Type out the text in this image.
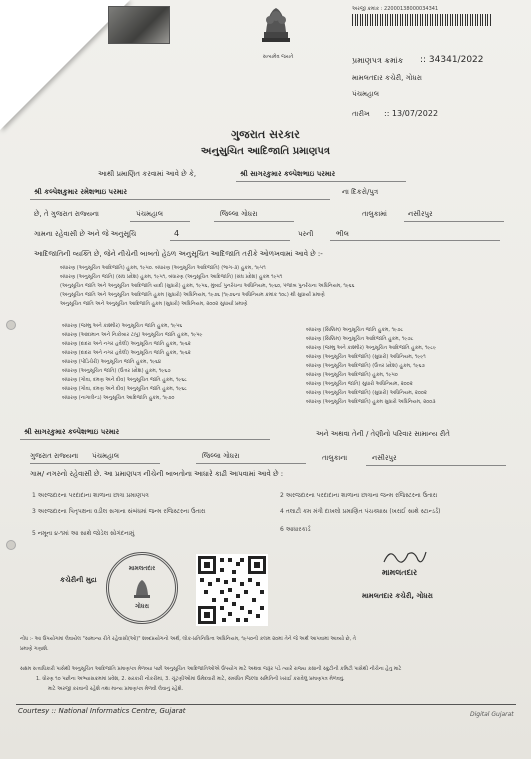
સત્યમેવ જયતે
અરજી ક્રમાંક : 22000138000034341
પ્રમાણપત્ર ક્રમાંક :: 34341/2022
મામલતદાર કચેરી, ગોધરા
પંચમહાલ
તારીખ :: 13/07/2022
ગુજરાત સરકાર
અનુસુચિત આદિજાતિ પ્રમાણપત્ર
આથી પ્રમાણિત કરવામાં આવે છે કે,	શ્રી સાગરકુમાર કલ્પેશભાઇ પરમાર
શ્રી કલ્પેશકુમાર રમેશભાઇ પરમાર	ના દિકરો/પુત્ર
છે, તે ગુજરાત રાજ્યના	પંચમહાલ	જિલ્લા ગોધરા	તાલુકામાં	નસીરપુર
ગામના રહેવાસી છે અને જે અનુસૂચિ	4	પરની	ભીલ
આદિજાતિની વ્યક્તિ છે, જેને નીચેની બાબતો હેઠળ અનુસૂચિત આદિજાતિ તરીકે ઓળખવામાં આવે છે :-
બંધારણ (અનુસૂચિત આદિજાતિ) હુકમ, ૧૯૫૦. બંધારણ (અનુસૂચિત આદિજાતિ) (ભાગ-૩) હુકમ, ૧૯૫૧
બંધારણ (અનુસૂચિત જાતિ) (સંઘ પ્રદેશ) હુકમ, ૧૯૫૧, બંધારણ (અનુસૂચિત આદિજાતિ) (સંઘ પ્રદેશ) હુકમ ૧૯૫૧
(અનુસૂચિત જાતિ અને અનુસૂચિત આદિજાતિ યાદી (સુધારો) હુકમ, ૧૯૫૬, મુંબઈ પુનર્રચના અધિનિયમ, ૧૯૬૦, પંજાબ પુનર્રચના અધિનિયમ, ૧૯૬૬
(અનુસૂચિત જાતિ અને અનુસૂચિત આદિજાતિ હુકમ (સુધારો) અધિનિયમ, ૧૯૭૬ (૧૯૭૬ના અધિનિયમ ક્રમાંક ૧૦૮) થી સુધાર્યા પ્રમાણે
અનુસૂચિત જાતિ અને અનુસૂચિત આદિજાતિ હુકમ (સુધારો) અધિનિયમ, ૨૦૦૨ સુધાર્યા પ્રમાણે
બંધારણ (જમ્મુ અને કાશ્મીર) અનુસૂચિત જાતિ હુકમ, ૧૯૫૬
બંધારણ (આંદામાન અને નિકોબાર ટાપુ) અનુસૂચિત જાતિ હુકમ, ૧૯૫૯
બંધારણ (દાદરા અને નગર હવેલી) અનુસૂચિત જાતિ હુકમ, ૧૯૬૨
બંધારણ (દાદરા અને નગર હવેલી) અનુસૂચિત જાતિ હુકમ, ૧૯૬૨
બંધારણ (પોંડિચેરી) અનુસૂચિત જાતિ હુકમ, ૧૯૬૪
બંધારણ (અનુસૂચિત જાતિ) (ઉત્તર પ્રદેશ) હુકમ, ૧૯૬૭
બંધારણ (ગોવા, દમણ અને દીવ) અનુસૂચિત જાતિ હુકમ, ૧૯૬૮
બંધારણ (ગોવા, દમણ અને દીવ) અનુસૂચિત જાતિ હુકમ, ૧૯૬૮
બંધારણ (નાગાલેન્ડ) અનુસૂચિત આદિજાતિ હુકમ, ૧૯૭૦
બંધારણ (સિક્કિમ) અનુસૂચિત જાતિ હુકમ, ૧૯૭૮
બંધારણ (સિક્કિમ) અનુસૂચિત આદિજાતિ હુકમ, ૧૯૭૮
બંધારણ (જમ્મુ અને કાશ્મીર) અનુસૂચિત આદિજાતિ હુકમ, ૧૯૮૯
બંધારણ (અનુસૂચિત આદિજાતિ) (સુધારો) અધિનિયમ, ૧૯૯૧
બંધારણ (અનુસૂચિત આદિજાતિ) (ઉત્તર પ્રદેશ) હુકમ, ૧૯૬૭
બંધારણ (અનુસૂચિત આદિજાતિ) હુકમ, ૧૯૫૦
બંધારણ (અનુસૂચિત જાતિ) સુધારો અધિનિયમ, ૨૦૦૨
બંધારણ (અનુસૂચિત આદિજાતિ) (સુધારો) અધિનિયમ, ૨૦૦૨
બંધારણ (અનુસૂચિત આદિજાતિ) હુકમ સુધારો અધિનિયમ, ૨૦૦૩
શ્રી સાગરકુમાર કલ્પેશભાઇ પરમાર	અને અથવા તેની / તેણીનો પરિવાર સામાન્ય રીતે
ગુજરાત રાજ્યના પંચમહાલ	જિલ્લા ગોધરા	તાલુકાના	નસીરપુર
ગામ/ નગરનો રહેવાસી છે. આ પ્રમાણપત્ર નીચેની બાબતોના આધારે કાઢી આપવામાં આવે છે :
1 અરજદારના પરદાદાના શાળાના છાત્રા પ્રમાણપત્ર	2 અરજદારના પરદાદાના શાળાના છાત્રાના જન્મ રજિસ્ટરના ઉતારા
3 અરજદારના પિતૃપક્ષના વડીલ સગાના સંબંધમાં જન્મ રજિસ્ટરના ઉતારા	4 તલાટી કમ મંત્રી દાખલો પ્રમાણિત પંચક્યાસ (ખરાઈ સાથે સ્ટાન્ડર્ડ)
5 નમૂના ૪-૧માં આ સાથે જોડેલ સોગંદનામું
6 આધારકાર્ડ
કચેરીની મુદ્રા
મામલતદાર
ગોધરા
મામલતદાર
મામલતદાર કચેરી, ગોધરા
નોંધ :- આ ઉપયોગમાં લેવાયેલ "સામાન્ય રીતે રહેવાસી(ઓ)" શબ્દપ્રયોગનો અર્થ, લોક-પ્રતિનિધિત્વ અધિનિયમ, ૧૯૫૦ની કલમ ૨૦માં તેને જે અર્થ આપવામાં આવ્યો છે, તે
પ્રમાણે ગણાશે.
સક્ષમ સત્તાધિકારી પાસેથી અનુસૂચિત આદિજાતિ પ્રમાણપત્ર મેળવ્યા પછી અનુસૂચિત આદિજાતિઓએ ઉપયોગ માટે અથવા જરૂર પડે ત્યારે રાજ્ય કક્ષાની સ્ક્રુટીની કમિટી પાસેથી નીચેના હેતુ માટે
1. ધોરણ ૧૦ પછીના અભ્યાસક્રમમાં પ્રવેશ, 2. સરકારી નોકરીમાં, 3. ચૂંટણીઓમાં ઉમેદવારી માટે, સંબંધિત જિલ્લા સમિતિની ખરાઈ કરાવેલું પ્રમાણપત્ર મેળવવું.
માટે અરજી કરવાની રહેશે તથા માન્ય પ્રમાણપત્ર મેળવી લેવાનું રહેશે.
Courtesy :: National Informatics Centre, Gujarat	Digital Gujarat
